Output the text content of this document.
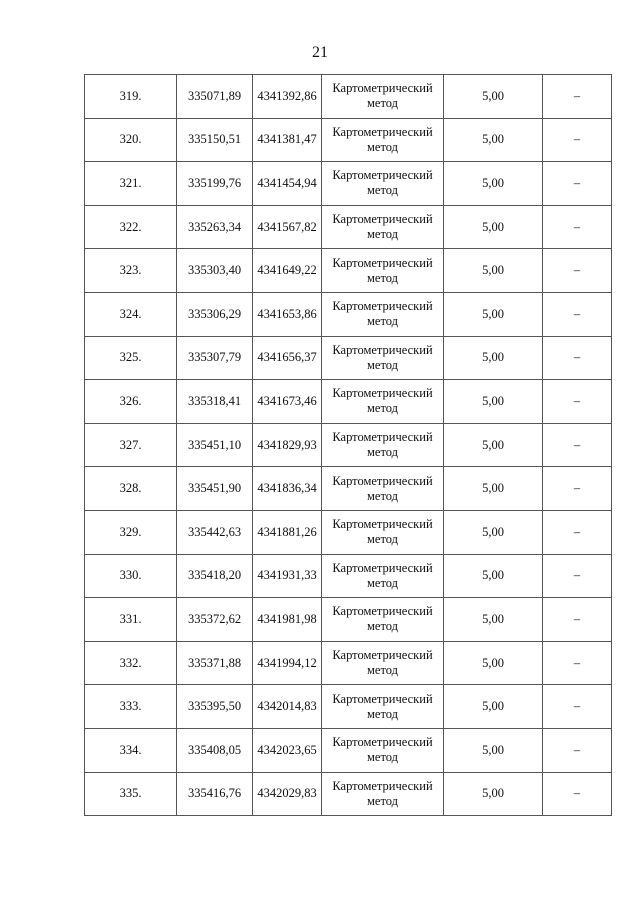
21
319.	335071,89	4341392,86	Картометрический метод	5,00	–
320.	335150,51	4341381,47	Картометрический метод	5,00	–
321.	335199,76	4341454,94	Картометрический метод	5,00	–
322.	335263,34	4341567,82	Картометрический метод	5,00	–
323.	335303,40	4341649,22	Картометрический метод	5,00	–
324.	335306,29	4341653,86	Картометрический метод	5,00	–
325.	335307,79	4341656,37	Картометрический метод	5,00	–
326.	335318,41	4341673,46	Картометрический метод	5,00	–
327.	335451,10	4341829,93	Картометрический метод	5,00	–
328.	335451,90	4341836,34	Картометрический метод	5,00	–
329.	335442,63	4341881,26	Картометрический метод	5,00	–
330.	335418,20	4341931,33	Картометрический метод	5,00	–
331.	335372,62	4341981,98	Картометрический метод	5,00	–
332.	335371,88	4341994,12	Картометрический метод	5,00	–
333.	335395,50	4342014,83	Картометрический метод	5,00	–
334.	335408,05	4342023,65	Картометрический метод	5,00	–
335.	335416,76	4342029,83	Картометрический метод	5,00	–
